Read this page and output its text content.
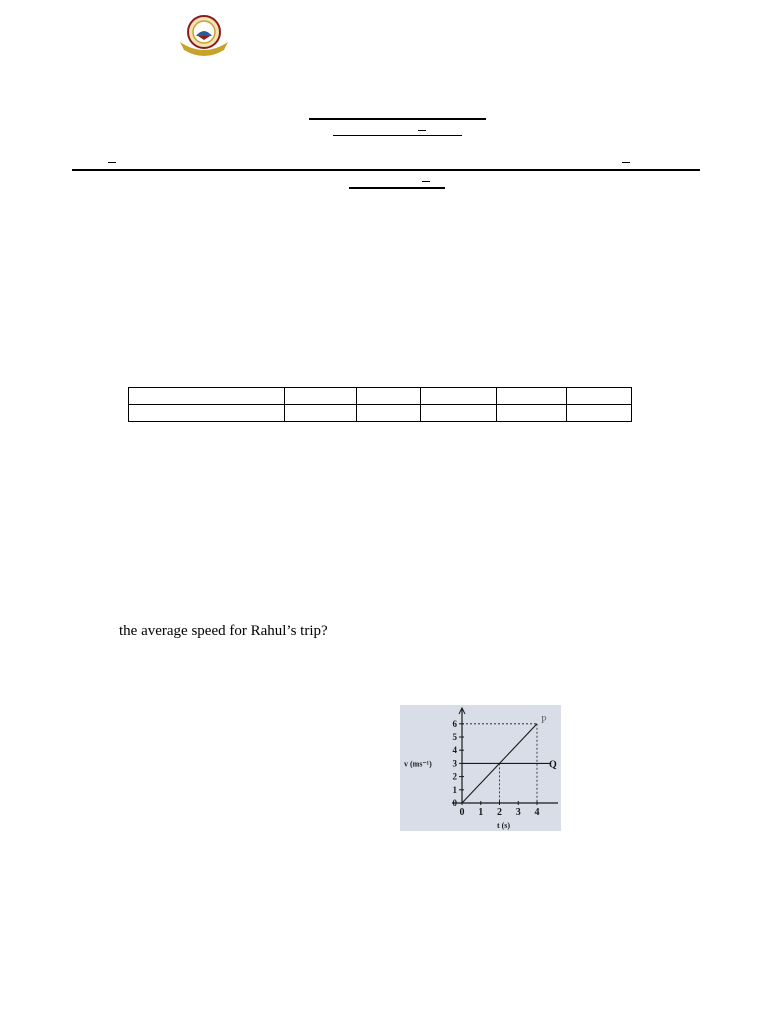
the average speed for Rahul’s trip?
0
1
2
3
4
5
6
0 1 2 3 4
v (ms⁻¹)
t (s)
P
Q
